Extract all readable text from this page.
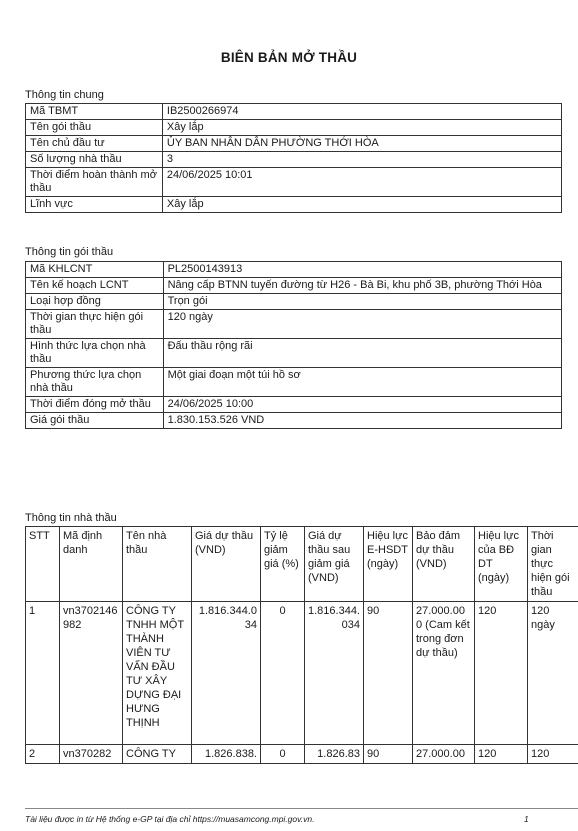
BIÊN BẢN MỞ THẦU
Thông tin chung
Mã TBMT	IB2500266974
Tên gói thầu	Xây lắp
Tên chủ đầu tư	ỦY BAN NHÂN DÂN PHƯỜNG THỚI HÒA
Số lượng nhà thầu	3
Thời điểm hoàn thành mở thầu	24/06/2025 10:01
Lĩnh vực	Xây lắp
Thông tin gói thầu
Mã KHLCNT	PL2500143913
Tên kế hoạch LCNT	Nâng cấp BTNN tuyến đường từ H26 - Bà Bi, khu phố 3B, phường Thới Hòa
Loại hợp đồng	Trọn gói
Thời gian thực hiện gói thầu	120 ngày
Hình thức lựa chọn nhà thầu	Đấu thầu rộng rãi
Phương thức lựa chọn nhà thầu	Một giai đoạn một túi hồ sơ
Thời điểm đóng mở thầu	24/06/2025 10:00
Giá gói thầu	1.830.153.526 VND
Thông tin nhà thầu
STT	Mã định danh	Tên nhà thầu	Giá dự thầu (VND)	Tỷ lệ giảm giá (%)	Giá dự thầu sau giảm giá (VND)	Hiệu lực E-HSDT (ngày)	Bảo đảm dự thầu (VND)	Hiệu lực của BĐ DT (ngày)	Thời gian thực hiện gói thầu
1	vn3702146982	CÔNG TY TNHH MỘT THÀNH VIÊN TƯ VẤN ĐẦU TƯ XÂY DỰNG ĐẠI HƯNG THỊNH	1.816.344.034	0	1.816.344.034	90	27.000.000 (Cam kết trong đơn dự thầu)	120	120 ngày
2	vn370282	CÔNG TY	1.826.838.	0	1.826.83	90	27.000.00	120	120
Tài liệu được in từ Hệ thống e-GP tại địa chỉ https://muasamcong.mpi.gov.vn.	1
